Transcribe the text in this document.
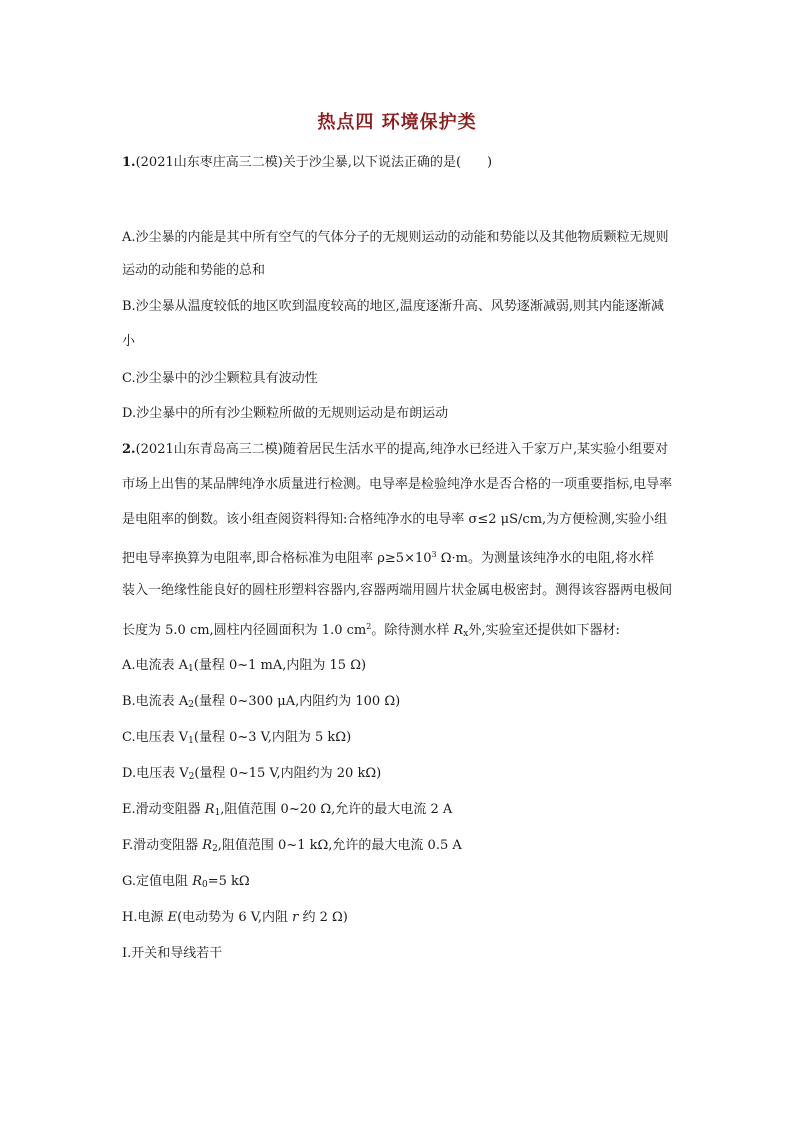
热点四 环境保护类
1.(2021山东枣庄高三二模)关于沙尘暴,以下说法正确的是(　　)
A.沙尘暴的内能是其中所有空气的气体分子的无规则运动的动能和势能以及其他物质颗粒无规则
运动的动能和势能的总和
B.沙尘暴从温度较低的地区吹到温度较高的地区,温度逐渐升高、风势逐渐减弱,则其内能逐渐减
小
C.沙尘暴中的沙尘颗粒具有波动性
D.沙尘暴中的所有沙尘颗粒所做的无规则运动是布朗运动
2.(2021山东青岛高三二模)随着居民生活水平的提高,纯净水已经进入千家万户,某实验小组要对
市场上出售的某品牌纯净水质量进行检测。电导率是检验纯净水是否合格的一项重要指标,电导率
是电阻率的倒数。该小组查阅资料得知:合格纯净水的电导率 σ≤2 μS/cm,为方便检测,实验小组
把电导率换算为电阻率,即合格标准为电阻率 $\rho\ge 5\times 10^3$ Ω·m。为测量该纯净水的电阻,将水样
装入一绝缘性能良好的圆柱形塑料容器内,容器两端用圆片状金属电极密封。测得该容器两电极间
长度为 5.0 cm,圆柱内径圆面积为 1.0 $cm^2$。除待测水样 $R_x$外,实验室还提供如下器材:
A.电流表 $A_1$(量程 0~1 mA,内阻为 15 Ω)
B.电流表 $A_2$(量程 0~300 μA,内阻约为 100 Ω)
C.电压表 $V_1$(量程 0~3 V,内阻为 5 kΩ)
D.电压表 $V_2$(量程 0~15 V,内阻约为 20 kΩ)
E.滑动变阻器 $R_1$,阻值范围 0~20 Ω,允许的最大电流 2 A
F.滑动变阻器 $R_2$,阻值范围 0~1 kΩ,允许的最大电流 0.5 A
G.定值电阻 $R_0=5$ kΩ
H.电源 E(电动势为 6 V,内阻 r 约 2 Ω)
I.开关和导线若干
